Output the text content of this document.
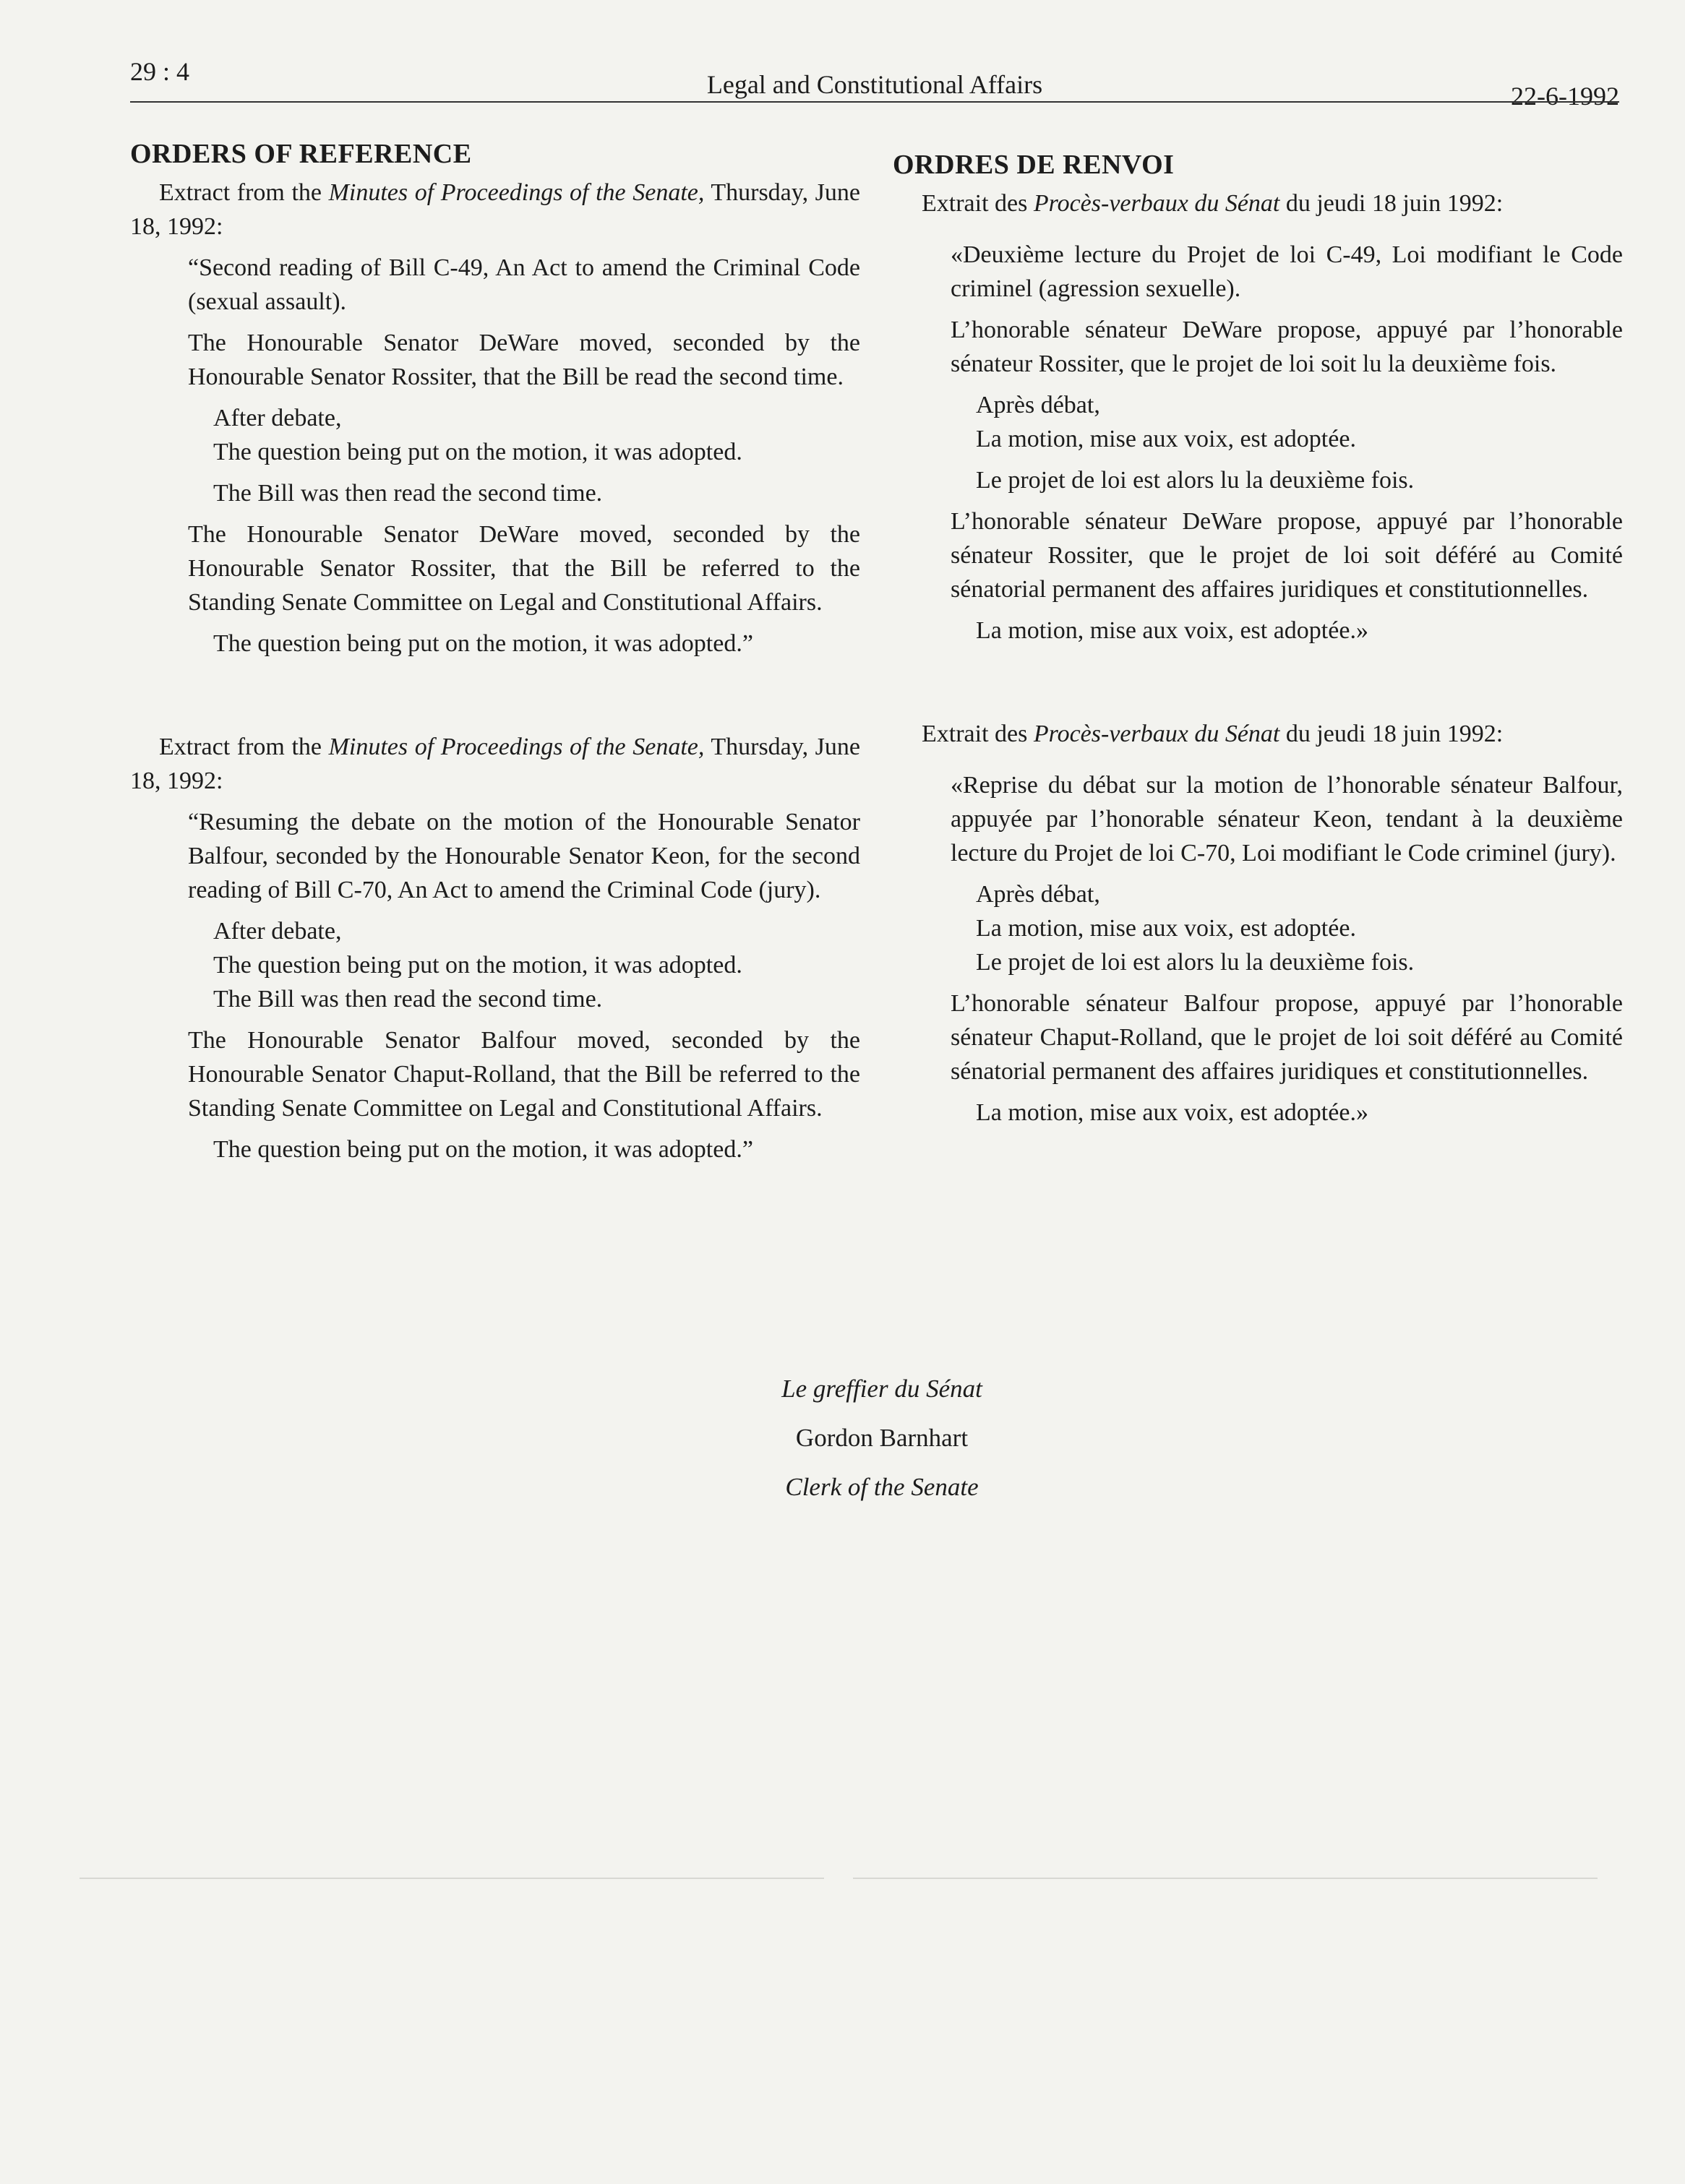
29 : 4	Legal and Constitutional Affairs	22-6-1992

ORDERS OF REFERENCE

Extract from the Minutes of Proceedings of the Senate, Thursday, June 18, 1992:

“Second reading of Bill C-49, An Act to amend the Criminal Code (sexual assault).

The Honourable Senator DeWare moved, seconded by the Honourable Senator Rossiter, that the Bill be read the second time.

After debate,

The question being put on the motion, it was adopted.

The Bill was then read the second time.

The Honourable Senator DeWare moved, seconded by the Honourable Senator Rossiter, that the Bill be referred to the Standing Senate Committee on Legal and Constitutional Affairs.

The question being put on the motion, it was adopted.”

Extract from the Minutes of Proceedings of the Senate, Thursday, June 18, 1992:

“Resuming the debate on the motion of the Honourable Senator Balfour, seconded by the Honourable Senator Keon, for the second reading of Bill C-70, An Act to amend the Criminal Code (jury).

After debate,

The question being put on the motion, it was adopted.

The Bill was then read the second time.

The Honourable Senator Balfour moved, seconded by the Honourable Senator Chaput-Rolland, that the Bill be referred to the Standing Senate Committee on Legal and Constitutional Affairs.

The question being put on the motion, it was adopted.”

ORDRES DE RENVOI

Extrait des Procès-verbaux du Sénat du jeudi 18 juin 1992:

«Deuxième lecture du Projet de loi C-49, Loi modifiant le Code criminel (agression sexuelle).

L’honorable sénateur DeWare propose, appuyé par l’honorable sénateur Rossiter, que le projet de loi soit lu la deuxième fois.

Après débat,

La motion, mise aux voix, est adoptée.

Le projet de loi est alors lu la deuxième fois.

L’honorable sénateur DeWare propose, appuyé par l’honorable sénateur Rossiter, que le projet de loi soit déféré au Comité sénatorial permanent des affaires juridiques et constitutionnelles.

La motion, mise aux voix, est adoptée.»

Extrait des Procès-verbaux du Sénat du jeudi 18 juin 1992:

«Reprise du débat sur la motion de l’honorable sénateur Balfour, appuyée par l’honorable sénateur Keon, tendant à la deuxième lecture du Projet de loi C-70, Loi modifiant le Code criminel (jury).

Après débat,

La motion, mise aux voix, est adoptée.

Le projet de loi est alors lu la deuxième fois.

L’honorable sénateur Balfour propose, appuyé par l’honorable sénateur Chaput-Rolland, que le projet de loi soit déféré au Comité sénatorial permanent des affaires juridiques et constitutionnelles.

La motion, mise aux voix, est adoptée.»

Le greffier du Sénat
Gordon Barnhart
Clerk of the Senate
